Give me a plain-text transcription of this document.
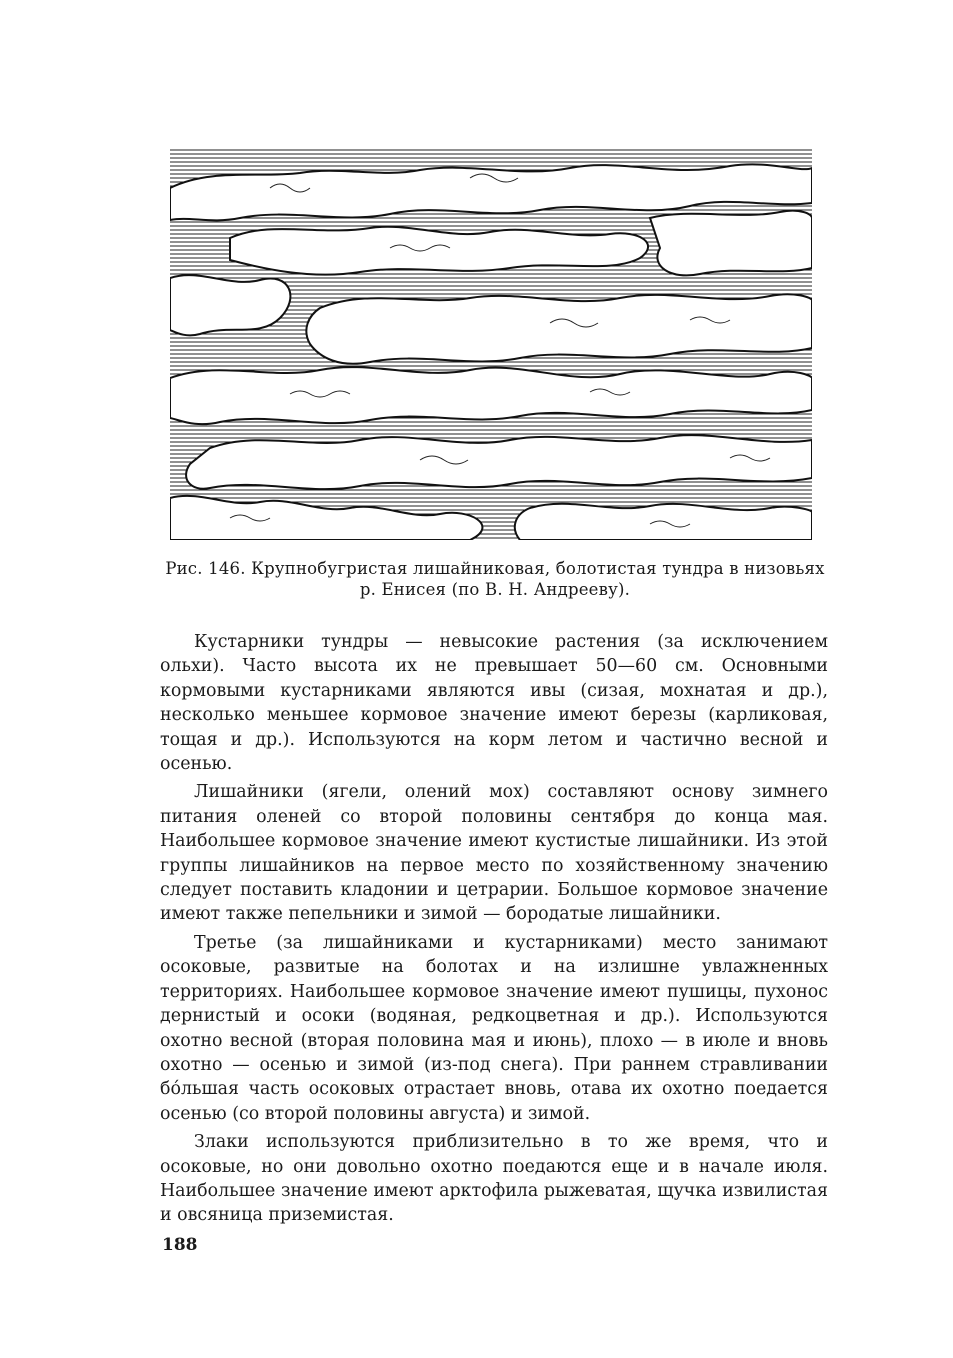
Рис. 146. Крупнобугристая лишайниковая, болотистая тундра в низовьях
р. Енисея (по В. Н. Андрееву).

Кустарники тундры — невысокие растения (за исключением ольхи). Часто высота их не превышает 50—60 см. Основными кормовыми кустарниками являются ивы (сизая, мохнатая и др.), несколько меньшее кормовое значение имеют березы (карликовая, тощая и др.). Используются на корм летом и частично весной и осенью.

Лишайники (ягели, олений мох) составляют основу зимнего питания оленей со второй половины сентября до конца мая. Наибольшее кормовое значение имеют кустистые лишайники. Из этой группы лишайников на первое место по хозяйственному значению следует поставить кладонии и цетрарии. Большое кормовое значение имеют также пепельники и зимой — бородатые лишайники.

Третье (за лишайниками и кустарниками) место занимают осоковые, развитые на болотах и на излишне увлажненных территориях. Наибольшее кормовое значение имеют пушицы, пухонос дернистый и осоки (водяная, редкоцветная и др.). Используются охотно весной (вторая половина мая и июнь), плохо — в июле и вновь охотно — осенью и зимой (из-под снега). При раннем стравливании бо́льшая часть осоковых отрастает вновь, отава их охотно поедается осенью (со второй половины августа) и зимой.

Злаки используются приблизительно в то же время, что и осоковые, но они довольно охотно поедаются еще и в начале июля. Наибольшее значение имеют арктофила рыжеватая, щучка извилистая и овсяница приземистая.

188
